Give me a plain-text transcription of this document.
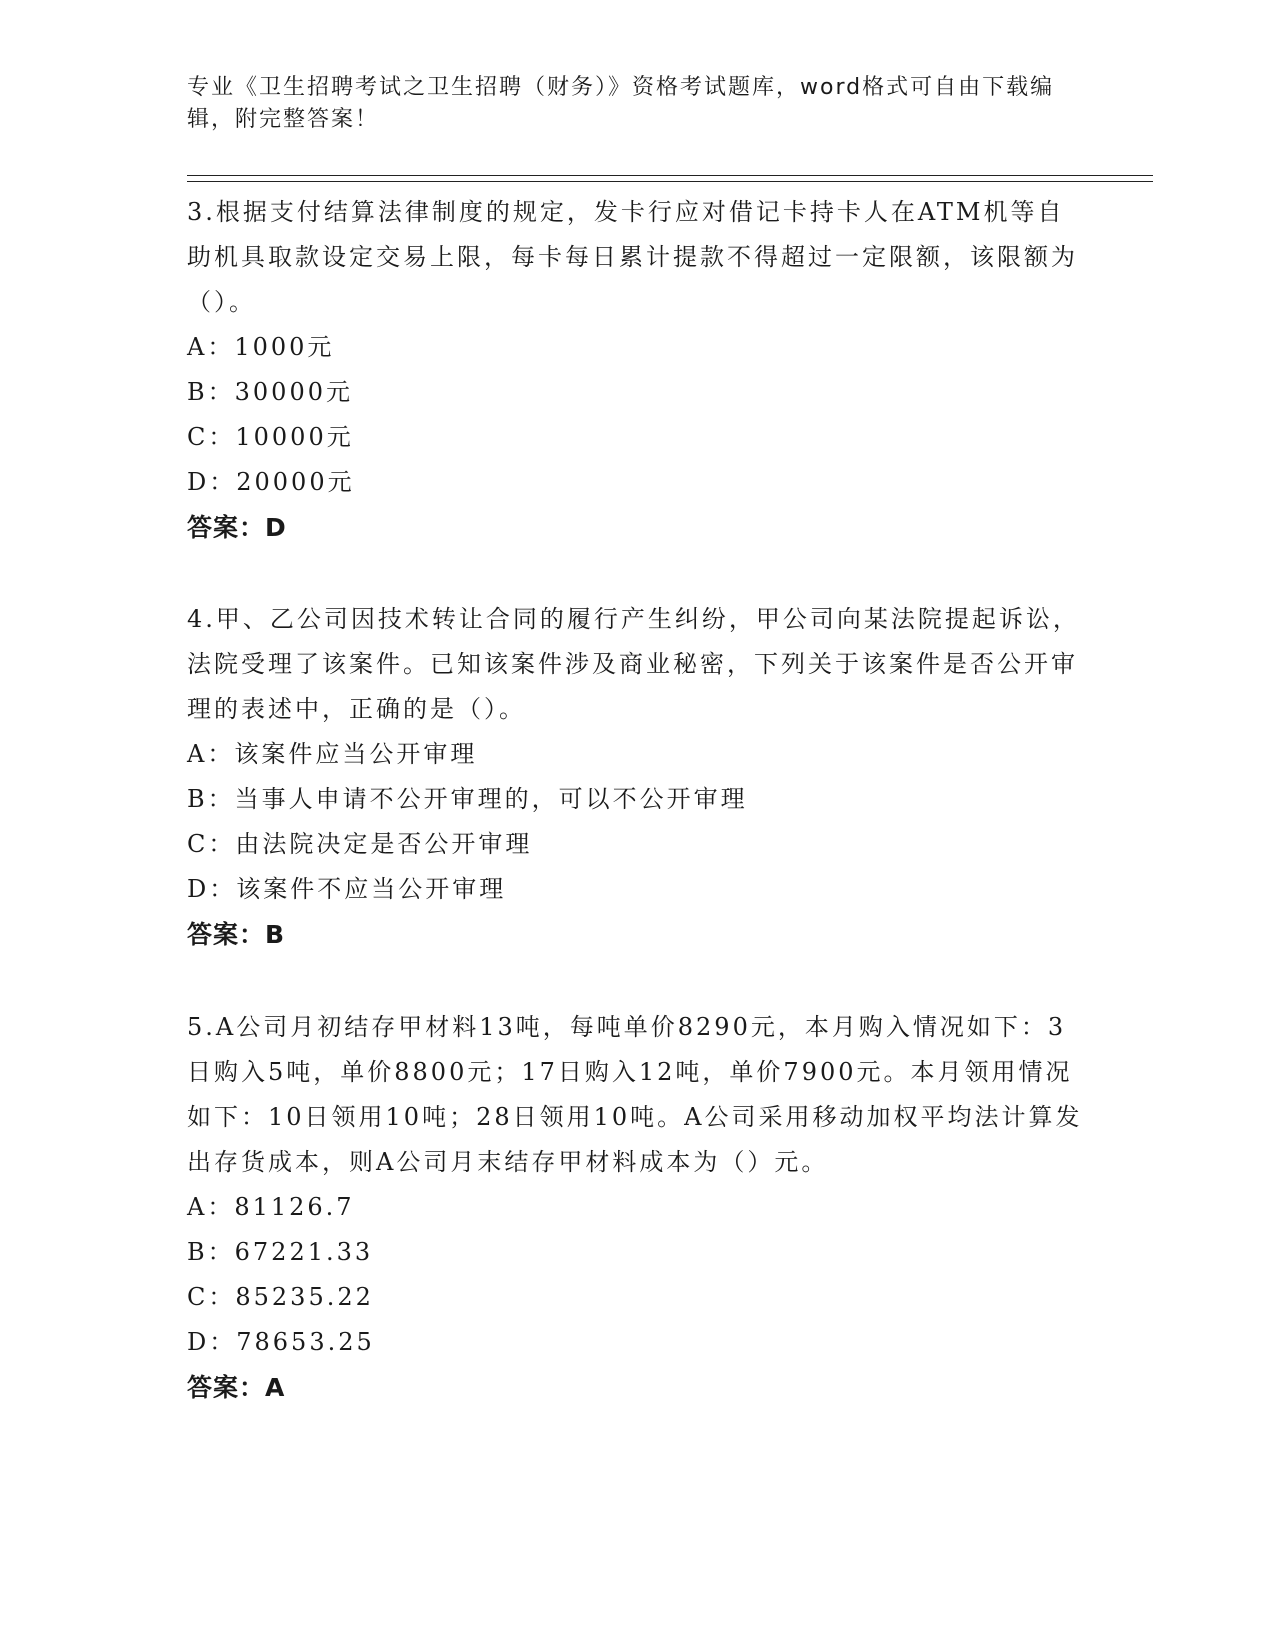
专业《卫生招聘考试之卫生招聘（财务）》资格考试题库，word格式可自由下载编辑，附完整答案！

3.根据支付结算法律制度的规定，发卡行应对借记卡持卡人在ATM机等自助机具取款设定交易上限，每卡每日累计提款不得超过一定限额，该限额为（）。

A：1000元
B：30000元
C：10000元
D：20000元
答案：D

4.甲、乙公司因技术转让合同的履行产生纠纷，甲公司向某法院提起诉讼，法院受理了该案件。已知该案件涉及商业秘密，下列关于该案件是否公开审理的表述中，正确的是（）。

A：该案件应当公开审理
B：当事人申请不公开审理的，可以不公开审理
C：由法院决定是否公开审理
D：该案件不应当公开审理
答案：B

5.A公司月初结存甲材料13吨，每吨单价8290元，本月购入情况如下：3日购入5吨，单价8800元；17日购入12吨，单价7900元。本月领用情况如下：10日领用10吨；28日领用10吨。A公司采用移动加权平均法计算发出存货成本，则A公司月末结存甲材料成本为（）元。

A：81126.7
B：67221.33
C：85235.22
D：78653.25
答案：A
